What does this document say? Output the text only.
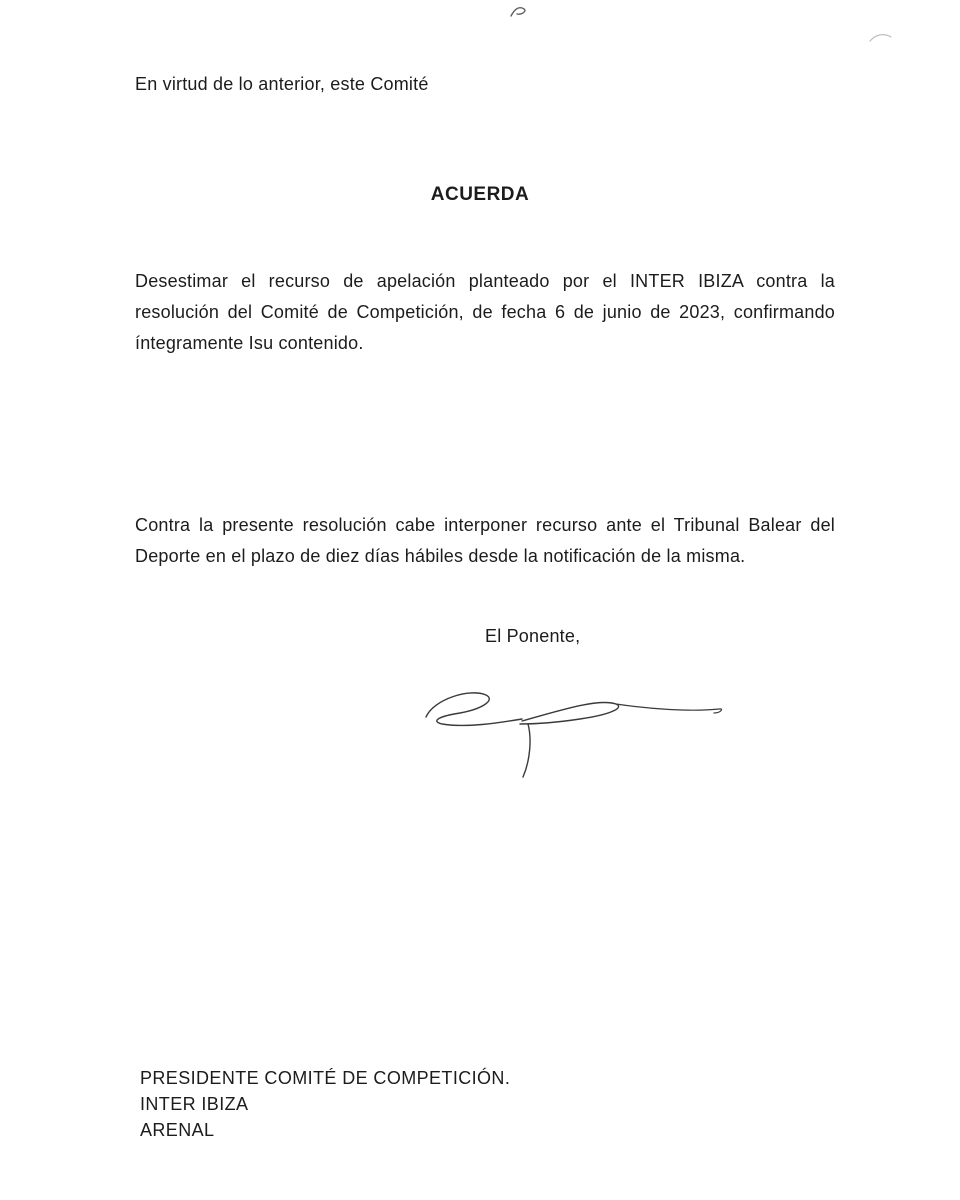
En virtud de lo anterior, este Comité

ACUERDA

Desestimar el recurso de apelación planteado por el INTER IBIZA contra la resolución del Comité de Competición, de fecha 6 de junio de 2023, confirmando íntegramente Isu contenido.

Contra la presente resolución cabe interponer recurso ante el Tribunal Balear del Deporte en el plazo de diez días hábiles desde la notificación de la misma.

El Ponente,

PRESIDENTE COMITÉ DE COMPETICIÓN.
INTER IBIZA
ARENAL
